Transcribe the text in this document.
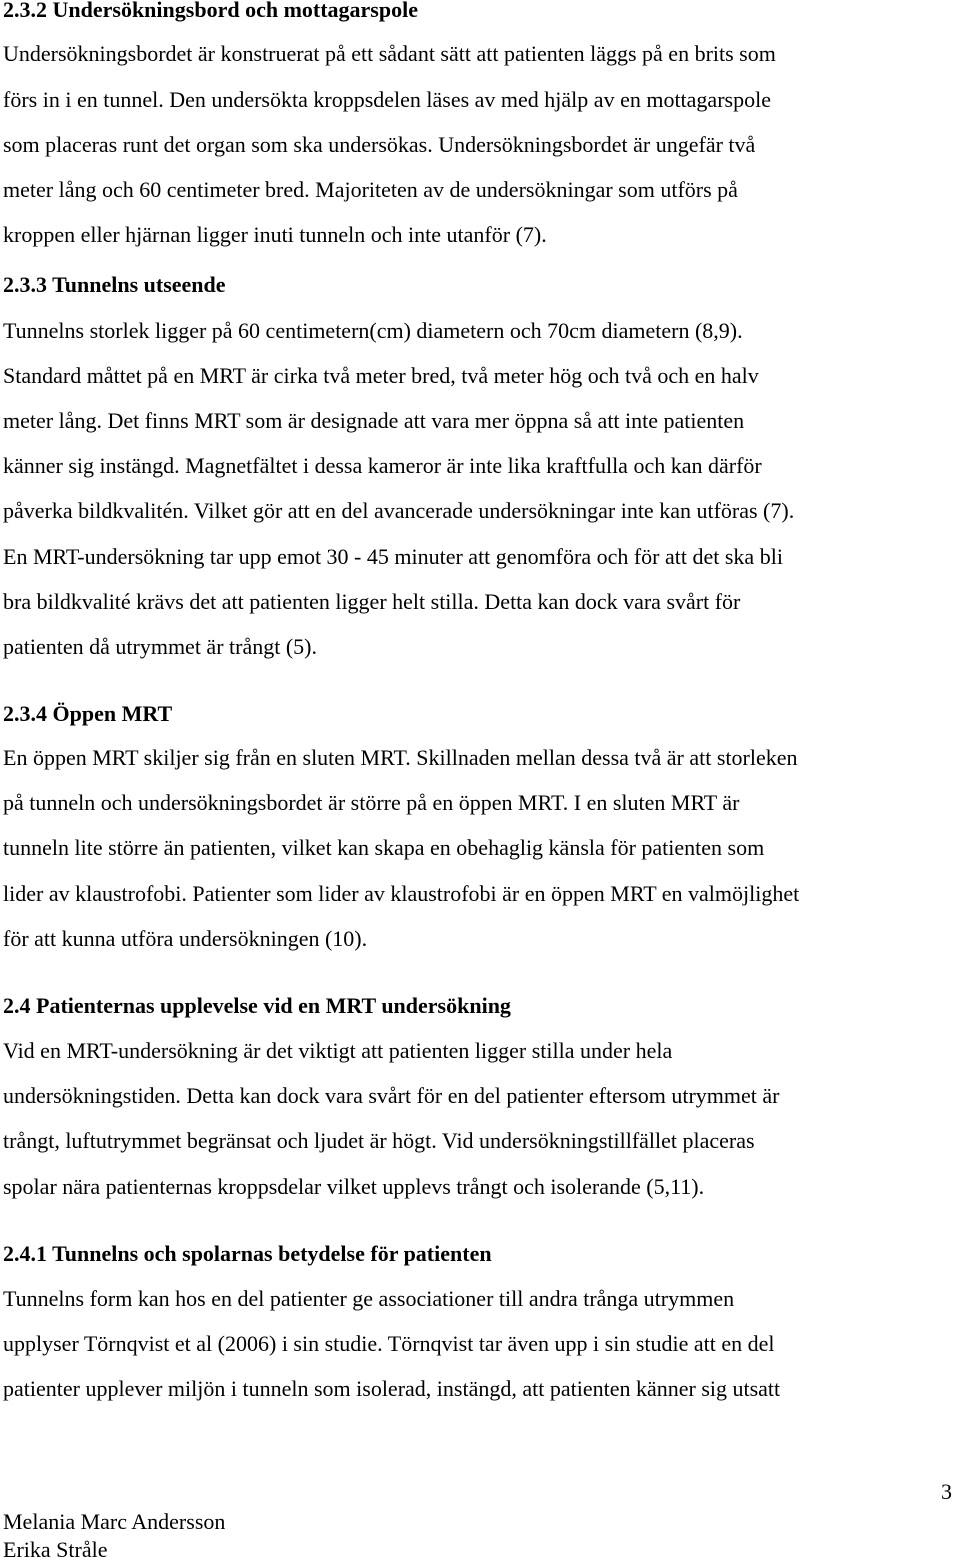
2.3.2 Undersökningsbord och mottagarspole
Undersökningsbordet är konstruerat på ett sådant sätt att patienten läggs på en brits som
förs in i en tunnel. Den undersökta kroppsdelen läses av med hjälp av en mottagarspole
som placeras runt det organ som ska undersökas. Undersökningsbordet är ungefär två
meter lång och 60 centimeter bred. Majoriteten av de undersökningar som utförs på
kroppen eller hjärnan ligger inuti tunneln och inte utanför (7).
2.3.3 Tunnelns utseende
Tunnelns storlek ligger på 60 centimetern(cm) diametern och 70cm diametern (8,9).
Standard måttet på en MRT är cirka två meter bred, två meter hög och två och en halv
meter lång. Det finns MRT som är designade att vara mer öppna så att inte patienten
känner sig instängd. Magnetfältet i dessa kameror är inte lika kraftfulla och kan därför
påverka bildkvalitén. Vilket gör att en del avancerade undersökningar inte kan utföras (7).
En MRT-undersökning tar upp emot 30 - 45 minuter att genomföra och för att det ska bli
bra bildkvalité krävs det att patienten ligger helt stilla. Detta kan dock vara svårt för
patienten då utrymmet är trångt (5).
2.3.4 Öppen MRT
En öppen MRT skiljer sig från en sluten MRT. Skillnaden mellan dessa två är att storleken
på tunneln och undersökningsbordet är större på en öppen MRT. I en sluten MRT är
tunneln lite större än patienten, vilket kan skapa en obehaglig känsla för patienten som
lider av klaustrofobi. Patienter som lider av klaustrofobi är en öppen MRT en valmöjlighet
för att kunna utföra undersökningen (10).
2.4 Patienternas upplevelse vid en MRT undersökning
Vid en MRT-undersökning är det viktigt att patienten ligger stilla under hela
undersökningstiden. Detta kan dock vara svårt för en del patienter eftersom utrymmet är
trångt, luftutrymmet begränsat och ljudet är högt. Vid undersökningstillfället placeras
spolar nära patienternas kroppsdelar vilket upplevs trångt och isolerande (5,11).
2.4.1 Tunnelns och spolarnas betydelse för patienten
Tunnelns form kan hos en del patienter ge associationer till andra trånga utrymmen
upplyser Törnqvist et al (2006) i sin studie. Törnqvist tar även upp i sin studie att en del
patienter upplever miljön i tunneln som isolerad, instängd, att patienten känner sig utsatt
3
Melania Marc Andersson
Erika Stråle
